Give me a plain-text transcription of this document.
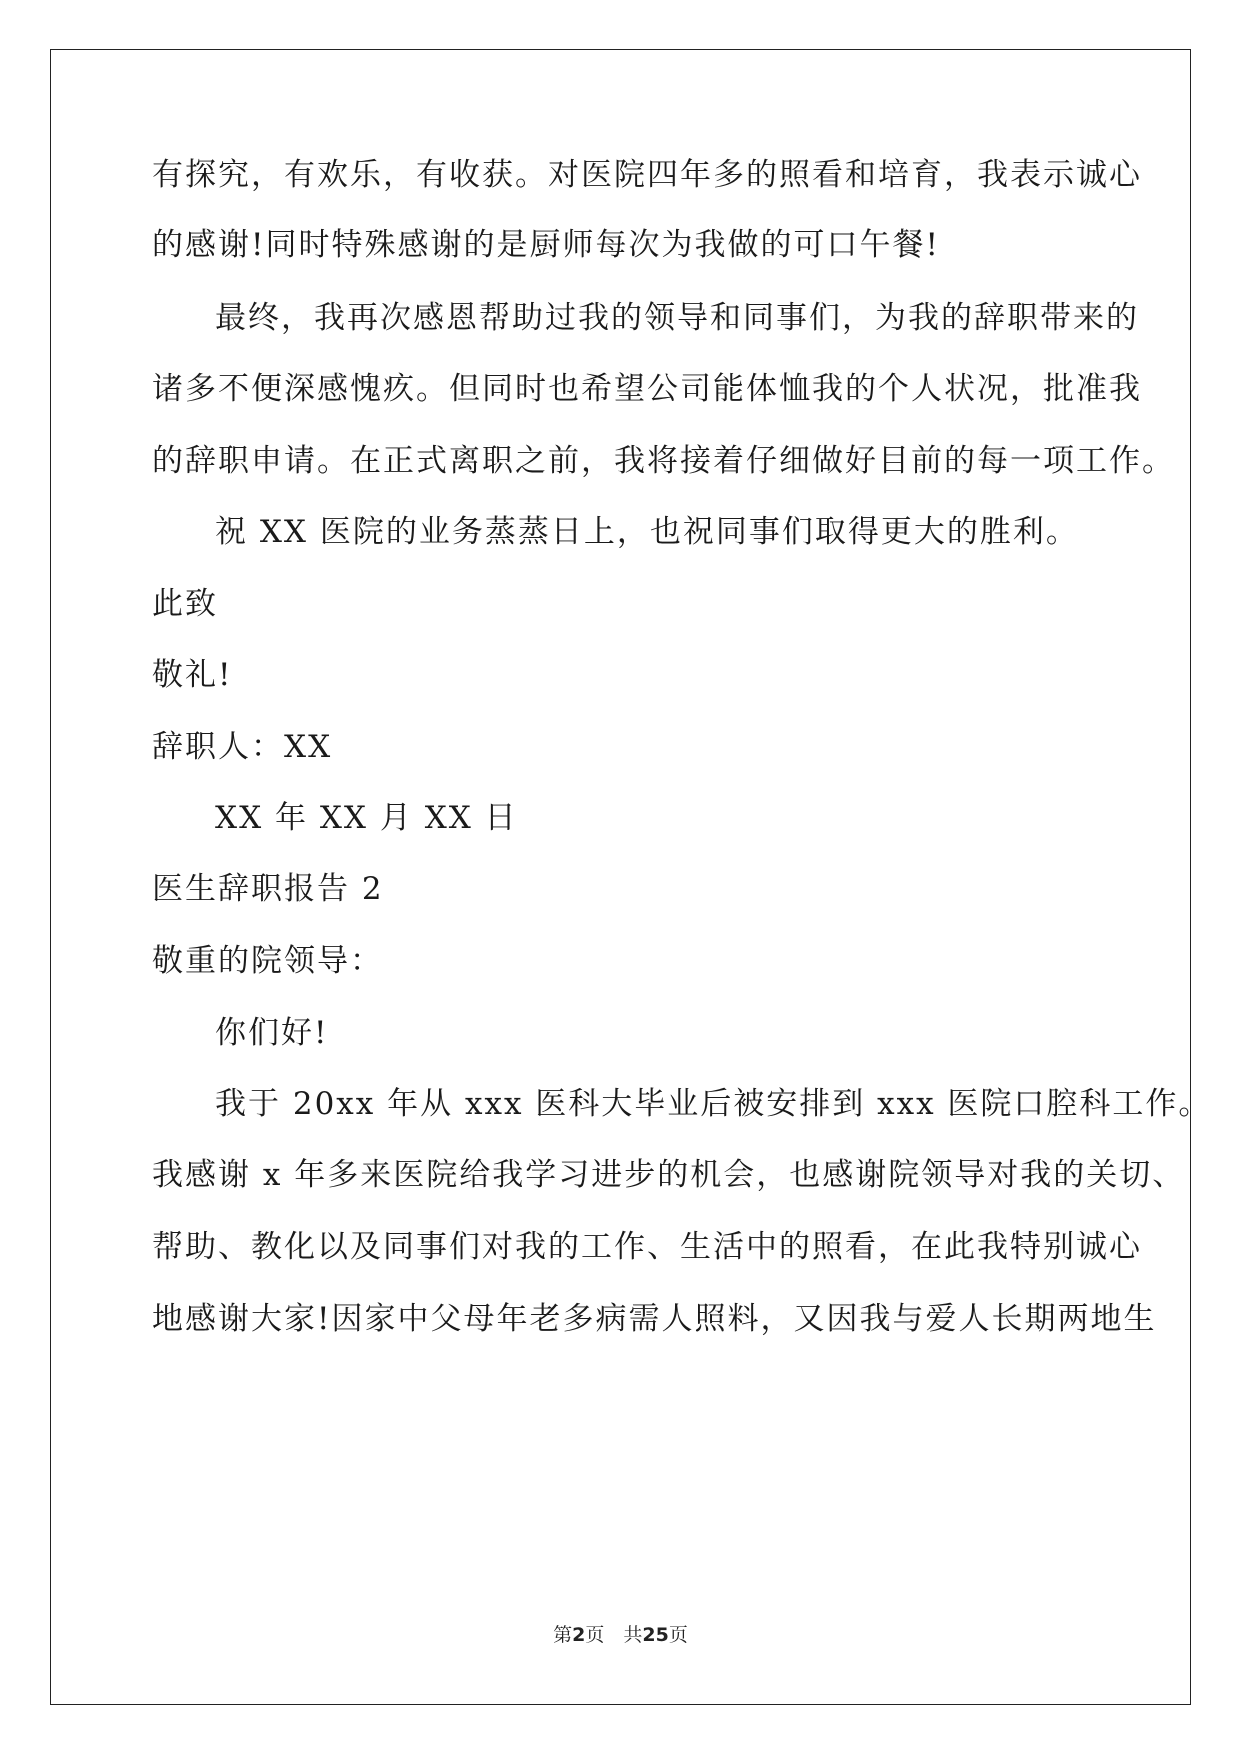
有探究，有欢乐，有收获。对医院四年多的照看和培育，我表示诚心
的感谢!同时特殊感谢的是厨师每次为我做的可口午餐!
最终，我再次感恩帮助过我的领导和同事们，为我的辞职带来的
诸多不便深感愧疚。但同时也希望公司能体恤我的个人状况，批准我
的辞职申请。在正式离职之前，我将接着仔细做好目前的每一项工作。
祝 XX 医院的业务蒸蒸日上，也祝同事们取得更大的胜利。
此致
敬礼!
辞职人：XX
XX 年 XX 月 XX 日
医生辞职报告 2
敬重的院领导：
你们好!
我于 20xx 年从 xxx 医科大毕业后被安排到 xxx 医院口腔科工作。
我感谢 x 年多来医院给我学习进步的机会，也感谢院领导对我的关切、
帮助、教化以及同事们对我的工作、生活中的照看，在此我特别诚心
地感谢大家!因家中父母年老多病需人照料，又因我与爱人长期两地生
第2页　共25页
